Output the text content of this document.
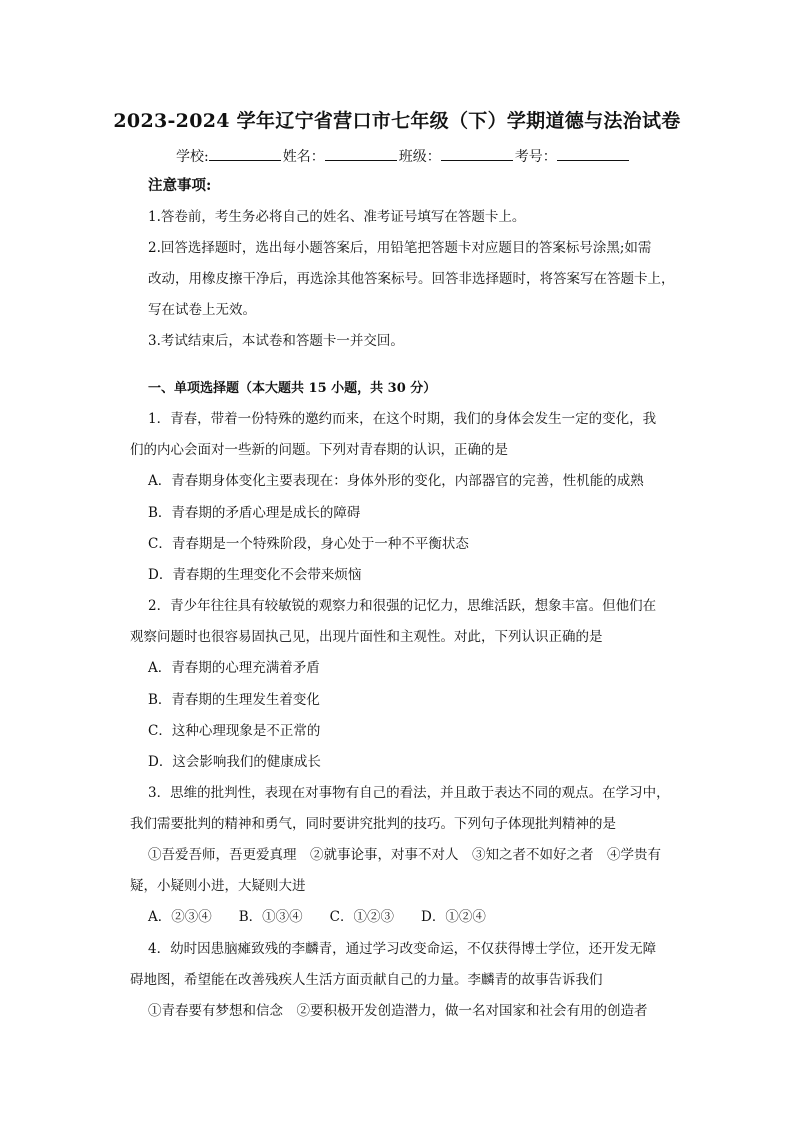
2023-2024 学年辽宁省营口市七年级（下）学期道德与法治试卷
学校:	姓名：	班级：	考号：
注意事项:
1.答卷前，考生务必将自己的姓名、准考证号填写在答题卡上。
2.回答选择题时，选出每小题答案后，用铅笔把答题卡对应题目的答案标号涂黑;如需
改动，用橡皮擦干净后，再选涂其他答案标号。回答非选择题时，将答案写在答题卡上，
写在试卷上无效。
3.考试结束后，本试卷和答题卡一并交回。
一、单项选择题（本大题共 15 小题，共 30 分）
1．青春，带着一份特殊的邀约而来，在这个时期，我们的身体会发生一定的变化，我
们的内心会面对一些新的问题。下列对青春期的认识，正确的是
A．青春期身体变化主要表现在：身体外形的变化，内部器官的完善，性机能的成熟
B．青春期的矛盾心理是成长的障碍
C．青春期是一个特殊阶段，身心处于一种不平衡状态
D．青春期的生理变化不会带来烦恼
2．青少年往往具有较敏锐的观察力和很强的记忆力，思维活跃，想象丰富。但他们在
观察问题时也很容易固执己见，出现片面性和主观性。对此，下列认识正确的是
A．青春期的心理充满着矛盾
B．青春期的生理发生着变化
C．这种心理现象是不正常的
D．这会影响我们的健康成长
3．思维的批判性，表现在对事物有自己的看法，并且敢于表达不同的观点。在学习中，
我们需要批判的精神和勇气，同时要讲究批判的技巧。下列句子体现批判精神的是
①吾爱吾师，吾更爱真理　②就事论事，对事不对人　③知之者不如好之者　④学贵有
疑，小疑则小进，大疑则大进
A．②③④　　B．①③④　　C．①②③　　D．①②④
4．幼时因患脑瘫致残的李麟青，通过学习改变命运，不仅获得博士学位，还开发无障
碍地图，希望能在改善残疾人生活方面贡献自己的力量。李麟青的故事告诉我们
①青春要有梦想和信念　②要积极开发创造潜力，做一名对国家和社会有用的创造者
